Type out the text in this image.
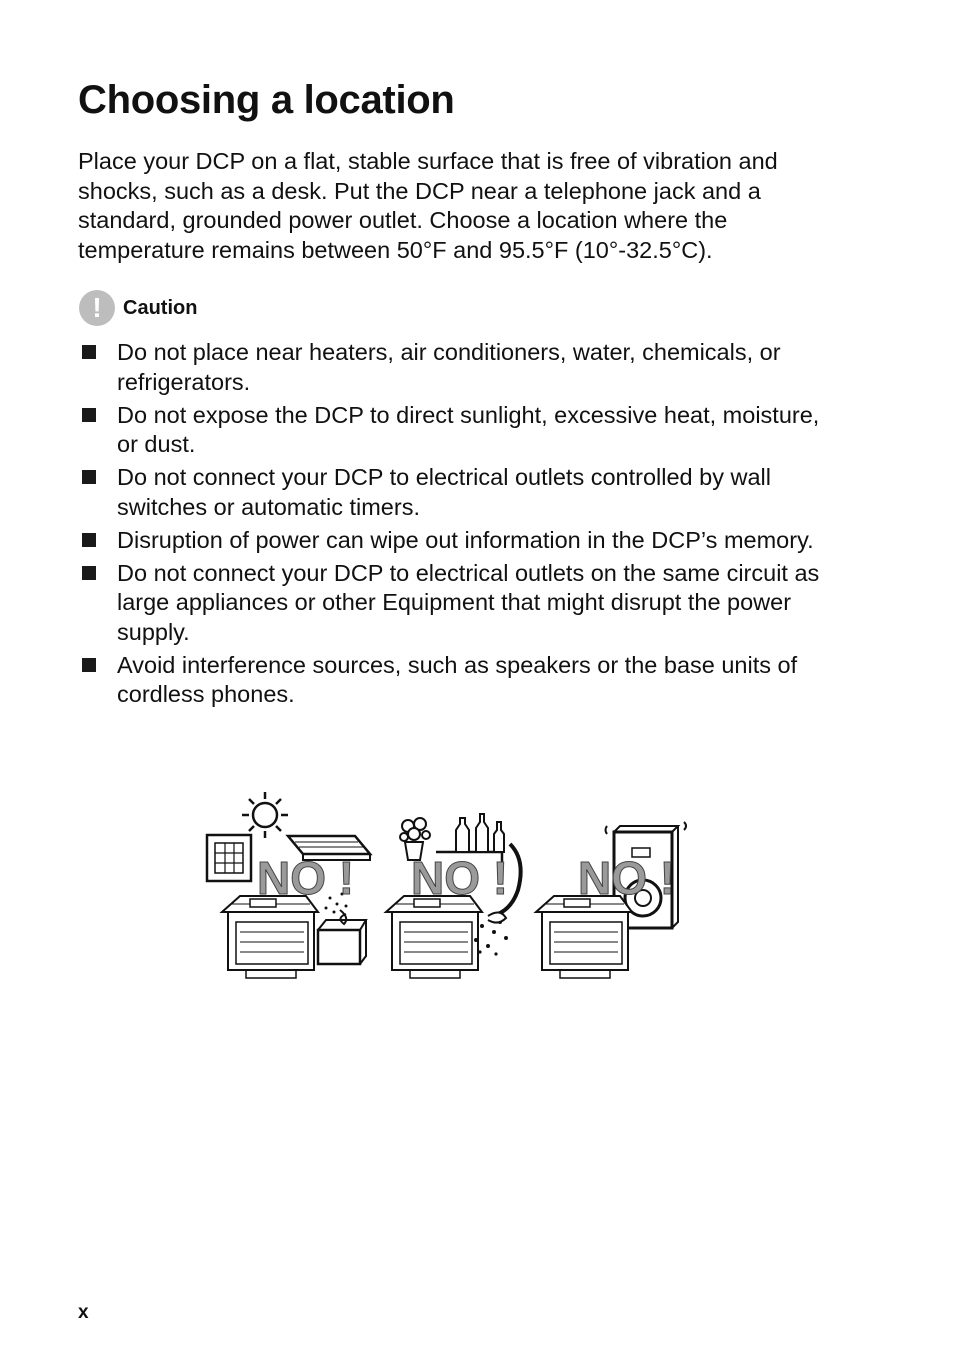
Choosing a location

Place your DCP on a flat, stable surface that is free of vibration and shocks, such as a desk. Put the DCP near a telephone jack and a standard, grounded power outlet. Choose a location where the temperature remains between 50°F and 95.5°F (10°-32.5°C).

!	Caution
Do not place near heaters, air conditioners, water, chemicals, or refrigerators.
Do not expose the DCP to direct sunlight, excessive heat, moisture, or dust.
Do not connect your DCP to electrical outlets controlled by wall switches or automatic timers.
Disruption of power can wipe out information in the DCP’s memory.
Do not connect your DCP to electrical outlets on the same circuit as large appliances or other Equipment that might disrupt the power supply.
Avoid interference sources, such as speakers or the base units of cordless phones.
NO ! NO ! NO !
x
